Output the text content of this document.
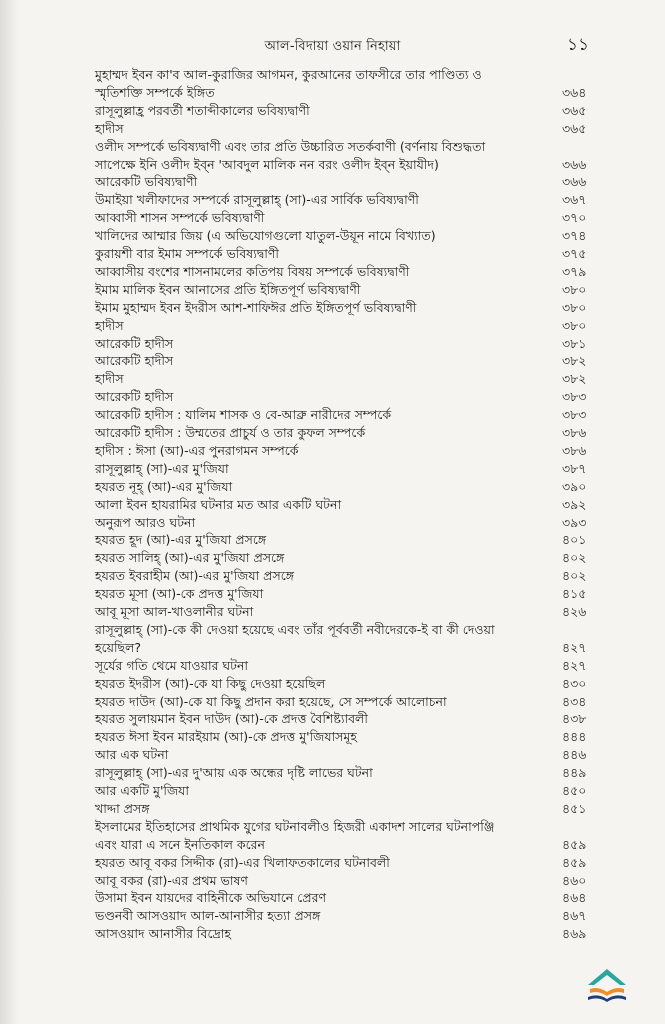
আল-বিদায়া ওয়ান নিহায়া	১১
মুহাম্মদ ইবন কা'ব আল-কুরাজির আগমন, কুরআনের তাফসীরে তার পাণ্ডিত্য ও
স্মৃতিশক্তি সম্পর্কে ইঙ্গিত	৩৬৪
রাসূলুল্লাহ্র পরবর্তী শতাব্দীকালের ভবিষ্যদ্বাণী	৩৬৫
হাদীস	৩৬৫
ওলীদ সম্পর্কে ভবিষ্যদ্বাণী এবং তার প্রতি উচ্চারিত সতর্কবাণী (বর্ণনায় বিশুদ্ধতা
সাপেক্ষে ইনি ওলীদ ইব্ন 'আবদুল মালিক নন বরং ওলীদ ইব্ন ইয়াযীদ)	৩৬৬
আরেকটি ভবিষ্যদ্বাণী	৩৬৬
উমাইয়া খলীফাদের সম্পর্কে রাসূলুল্লাহ্ (সা)-এর সার্বিক ভবিষ্যদ্বাণী	৩৬৭
আব্বাসী শাসন সম্পর্কে ভবিষ্যদ্বাণী	৩৭০
খালিদের আম্মার জিয় (এ অভিযোগগুলো যাতুল-উয়ূন নামে বিখ্যাত)	৩৭৪
কুরায়শী বার ইমাম সম্পর্কে ভবিষ্যদ্বাণী	৩৭৫
আব্বাসীয় বংশের শাসনামলের কতিপয় বিষয় সম্পর্কে ভবিষ্যদ্বাণী	৩৭৯
ইমাম মালিক ইবন আনাসের প্রতি ইঙ্গিতপূর্ণ ভবিষ্যদ্বাণী	৩৮০
ইমাম মুহাম্মদ ইবন ইদরীস আশ-শাফিঈর প্রতি ইঙ্গিতপূর্ণ ভবিষ্যদ্বাণী	৩৮০
হাদীস	৩৮০
আরেকটি হাদীস	৩৮১
আরেকটি হাদীস	৩৮২
হাদীস	৩৮২
আরেকটি হাদীস	৩৮৩
আরেকটি হাদীস : যালিম শাসক ও বে-আব্রু নারীদের সম্পর্কে	৩৮৩
আরেকটি হাদীস : উম্মতের প্রাচুর্য ও তার কুফল সম্পর্কে	৩৮৬
হাদীস : ঈসা (আ)-এর পুনরাগমন সম্পর্কে	৩৮৬
রাসূলুল্লাহ্ (সা)-এর মু'জিযা	৩৮৭
হযরত নূহ্ (আ)-এর মু'জিযা	৩৯০
আলা ইবন হাযরামির ঘটনার মত আর একটি ঘটনা	৩৯২
অনুরূপ আরও ঘটনা	৩৯৩
হযরত হূদ (আ)-এর মু'জিযা প্রসঙ্গে	৪০১
হযরত সালিহ্ (আ)-এর মু'জিযা প্রসঙ্গে	৪০২
হযরত ইবরাহীম (আ)-এর মু'জিযা প্রসঙ্গে	৪০২
হযরত মূসা (আ)-কে প্রদত্ত মু'জিযা	৪১৫
আবূ মূসা আল-খাওলানীর ঘটনা	৪২৬
রাসূলুল্লাহ্ (সা)-কে কী দেওয়া হয়েছে এবং তাঁর পূর্ববর্তী নবীদেরকে-ই বা কী দেওয়া
হয়েছিল?	৪২৭
সূর্যের গতি থেমে যাওয়ার ঘটনা	৪২৭
হযরত ইদরীস (আ)-কে যা কিছু দেওয়া হয়েছিল	৪৩০
হযরত দাউদ (আ)-কে যা কিছু প্রদান করা হয়েছে, সে সম্পর্কে আলোচনা	৪৩৪
হযরত সুলায়মান ইবন দাউদ (আ)-কে প্রদত্ত বৈশিষ্ট্যাবলী	৪৩৮
হযরত ঈসা ইবন মারইয়াম (আ)-কে প্রদত্ত মু'জিযাসমূহ	৪৪৪
আর এক ঘটনা	৪৪৬
রাসূলুল্লাহ্ (সা)-এর দু'আয় এক অন্ধের দৃষ্টি লাভের ঘটনা	৪৪৯
আর একটি মু'জিযা	৪৫০
খাদ্দা প্রসঙ্গ	৪৫১
ইসলামের ইতিহাসের প্রাথমিক যুগের ঘটনাবলীও হিজরী একাদশ সালের ঘটনাপঞ্জি
এবং যারা এ সনে ইনতিকাল করেন	৪৫৯
হযরত আবূ বকর সিদ্দীক (রা)-এর খিলাফতকালের ঘটনাবলী	৪৫৯
আবূ বকর (রা)-এর প্রথম ভাষণ	৪৬০
উসামা ইবন যায়দের বাহিনীকে অভিযানে প্রেরণ	৪৬৪
ভণ্ডনবী আসওয়াদ আল-আনাসীর হত্যা প্রসঙ্গ	৪৬৭
আসওয়াদ আনাসীর বিদ্রোহ	৪৬৯
